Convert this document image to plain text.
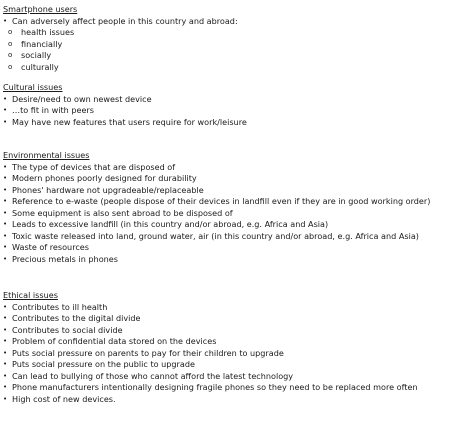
Smartphone users
• Can adversely affect people in this country and abroad:
o health issues
o financially
o socially
o culturally
Cultural issues
• Desire/need to own newest device
• …to fit in with peers
• May have new features that users require for work/leisure
Environmental issues
• The type of devices that are disposed of
• Modern phones poorly designed for durability
• Phones' hardware not upgradeable/replaceable
• Reference to e-waste (people dispose of their devices in landfill even if they are in good working order)
• Some equipment is also sent abroad to be disposed of
• Leads to excessive landfill (in this country and/or abroad, e.g. Africa and Asia)
• Toxic waste released into land, ground water, air (in this country and/or abroad, e.g. Africa and Asia)
• Waste of resources
• Precious metals in phones
Ethical issues
• Contributes to ill health
• Contributes to the digital divide
• Contributes to social divide
• Problem of confidential data stored on the devices
• Puts social pressure on parents to pay for their children to upgrade
• Puts social pressure on the public to upgrade
• Can lead to bullying of those who cannot afford the latest technology
• Phone manufacturers intentionally designing fragile phones so they need to be replaced more often
• High cost of new devices.
